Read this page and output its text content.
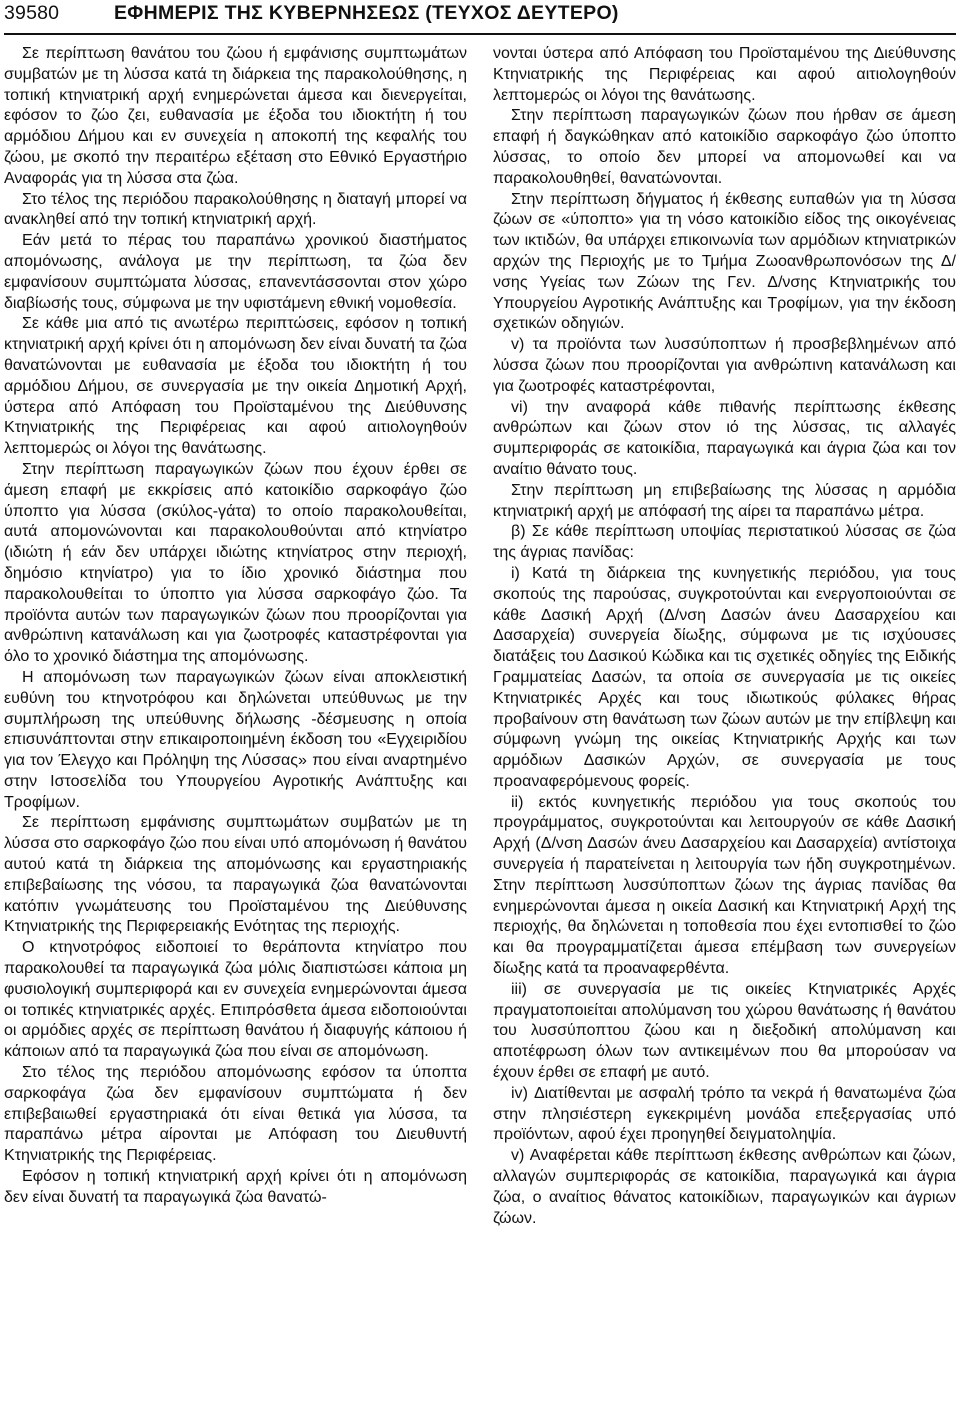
39580	ΕΦΗΜΕΡΙΣ ΤΗΣ ΚΥΒΕΡΝΗΣΕΩΣ (ΤΕΥΧΟΣ ΔΕΥΤΕΡΟ)

Σε περίπτωση θανάτου του ζώου ή εμφάνισης συμπτωμάτων συμβατών με τη λύσσα κατά τη διάρκεια της παρακολούθησης, η τοπική κτηνιατρική αρχή ενημερώνεται άμεσα και διενεργείται, εφόσον το ζώο ζει, ευθανασία με έξοδα του ιδιοκτήτη ή του αρμόδιου Δήμου και εν συνεχεία η αποκοπή της κεφαλής του ζώου, με σκοπό την περαιτέρω εξέταση στο Εθνικό Εργαστήριο Αναφοράς για τη λύσσα στα ζώα.

Στο τέλος της περιόδου παρακολούθησης η διαταγή μπορεί να ανακληθεί από την τοπική κτηνιατρική αρχή.

Εάν μετά το πέρας του παραπάνω χρονικού διαστήματος απομόνωσης, ανάλογα με την περίπτωση, τα ζώα δεν εμφανίσουν συμπτώματα λύσσας, επανεντάσσονται στον χώρο διαβίωσής τους, σύμφωνα με την υφιστάμενη εθνική νομοθεσία.

Σε κάθε μια από τις ανωτέρω περιπτώσεις, εφόσον η τοπική κτηνιατρική αρχή κρίνει ότι η απομόνωση δεν είναι δυνατή τα ζώα θανατώνονται με ευθανασία με έξοδα του ιδιοκτήτη ή του αρμόδιου Δήμου, σε συνεργασία με την οικεία Δημοτική Αρχή, ύστερα από Απόφαση του Προϊσταμένου της Διεύθυνσης Κτηνιατρικής της Περιφέρειας και αφού αιτιολογηθούν λεπτομερώς οι λόγοι της θανάτωσης.

Στην περίπτωση παραγωγικών ζώων που έχουν έρθει σε άμεση επαφή με εκκρίσεις από κατοικίδιο σαρκοφάγο ζώο ύποπτο για λύσσα (σκύλος-γάτα) το οποίο παρακολουθείται, αυτά απομονώνονται και παρακολουθούνται από κτηνίατρο (ιδιώτη ή εάν δεν υπάρχει ιδιώτης κτηνίατρος στην περιοχή, δημόσιο κτηνίατρο) για το ίδιο χρονικό διάστημα που παρακολουθείται το ύποπτο για λύσσα σαρκοφάγο ζώο. Τα προϊόντα αυτών των παραγωγικών ζώων που προορίζονται για ανθρώπινη κατανάλωση και για ζωοτροφές καταστρέφονται για όλο το χρονικό διάστημα της απομόνωσης.

Η απομόνωση των παραγωγικών ζώων είναι αποκλειστική ευθύνη του κτηνοτρόφου και δηλώνεται υπεύθυνως με την συμπλήρωση της υπεύθυνης δήλωσης -δέσμευσης η οποία επισυνάπτονται στην επικαιροποιημένη έκδοση του «Εγχειριδίου για τον Έλεγχο και Πρόληψη της Λύσσας» που είναι αναρτημένο στην Ιστοσελίδα του Υπουργείου Αγροτικής Ανάπτυξης και Τροφίμων.

Σε περίπτωση εμφάνισης συμπτωμάτων συμβατών με τη λύσσα στο σαρκοφάγο ζώο που είναι υπό απομόνωση ή θανάτου αυτού κατά τη διάρκεια της απομόνωσης και εργαστηριακής επιβεβαίωσης της νόσου, τα παραγωγικά ζώα θανατώνονται κατόπιν γνωμάτευσης του Προϊσταμένου της Διεύθυνσης Κτηνιατρικής της Περιφερειακής Ενότητας της περιοχής.

Ο κτηνοτρόφος ειδοποιεί το θεράποντα κτηνίατρο που παρακολουθεί τα παραγωγικά ζώα μόλις διαπιστώσει κάποια μη φυσιολογική συμπεριφορά και εν συνεχεία ενημερώνονται άμεσα οι τοπικές κτηνιατρικές αρχές. Επιπρόσθετα άμεσα ειδοποιούνται οι αρμόδιες αρχές σε περίπτωση θανάτου ή διαφυγής κάποιου ή κάποιων από τα παραγωγικά ζώα που είναι σε απομόνωση.

Στο τέλος της περιόδου απομόνωσης εφόσον τα ύποπτα σαρκοφάγα ζώα δεν εμφανίσουν συμπτώματα ή δεν επιβεβαιωθεί εργαστηριακά ότι είναι θετικά για λύσσα, τα παραπάνω μέτρα αίρονται με Απόφαση του Διευθυντή Κτηνιατρικής της Περιφέρειας.

Εφόσον η τοπική κτηνιατρική αρχή κρίνει ότι η απομόνωση δεν είναι δυνατή τα παραγωγικά ζώα θανατώ-

νονται ύστερα από Απόφαση του Προϊσταμένου της Διεύθυνσης Κτηνιατρικής της Περιφέρειας και αφού αιτιολογηθούν λεπτομερώς οι λόγοι της θανάτωσης.

Στην περίπτωση παραγωγικών ζώων που ήρθαν σε άμεση επαφή ή δαγκώθηκαν από κατοικίδιο σαρκοφάγο ζώο ύποπτο λύσσας, το οποίο δεν μπορεί να απομονωθεί και να παρακολουθηθεί, θανατώνονται.

Στην περίπτωση δήγματος ή έκθεσης ευπαθών για τη λύσσα ζώων σε «ύποπτο» για τη νόσο κατοικίδιο είδος της οικογένειας των ικτιδών, θα υπάρχει επικοινωνία των αρμόδιων κτηνιατρικών αρχών της Περιοχής με το Τμήμα Ζωοανθρωπονόσων της Δ/νσης Υγείας των Ζώων της Γεν. Δ/νσης Κτηνιατρικής του Υπουργείου Αγροτικής Ανάπτυξης και Τροφίμων, για την έκδοση σχετικών οδηγιών.

v) τα προϊόντα των λυσσύποπτων ή προσβεβλημένων από λύσσα ζώων που προορίζονται για ανθρώπινη κατανάλωση και για ζωοτροφές καταστρέφονται,

vi) την αναφορά κάθε πιθανής περίπτωσης έκθεσης ανθρώπων και ζώων στον ιό της λύσσας, τις αλλαγές συμπεριφοράς σε κατοικίδια, παραγωγικά και άγρια ζώα και τον αναίτιο θάνατο τους.

Στην περίπτωση μη επιβεβαίωσης της λύσσας η αρμόδια κτηνιατρική αρχή με απόφασή της αίρει τα παραπάνω μέτρα.

β) Σε κάθε περίπτωση υποψίας περιστατικού λύσσας σε ζώα της άγριας πανίδας:

i) Κατά τη διάρκεια της κυνηγετικής περιόδου, για τους σκοπούς της παρούσας, συγκροτούνται και ενεργοποιούνται σε κάθε Δασική Αρχή (Δ/νση Δασών άνευ Δασαρχείου και Δασαρχεία) συνεργεία δίωξης, σύμφωνα με τις ισχύουσες διατάξεις του Δασικού Κώδικα και τις σχετικές οδηγίες της Ειδικής Γραμματείας Δασών, τα οποία σε συνεργασία με τις οικείες Κτηνιατρικές Αρχές και τους ιδιωτικούς φύλακες θήρας προβαίνουν στη θανάτωση των ζώων αυτών με την επίβλεψη και σύμφωνη γνώμη της οικείας Κτηνιατρικής Αρχής και των αρμόδιων Δασικών Αρχών, σε συνεργασία με τους προαναφερόμενους φορείς.

ii) εκτός κυνηγετικής περιόδου για τους σκοπούς του προγράμματος, συγκροτούνται και λειτουργούν σε κάθε Δασική Αρχή (Δ/νση Δασών άνευ Δασαρχείου και Δασαρχεία) αντίστοιχα συνεργεία ή παρατείνεται η λειτουργία των ήδη συγκροτημένων. Στην περίπτωση λυσσύποπτων ζώων της άγριας πανίδας θα ενημερώνονται άμεσα η οικεία Δασική και Κτηνιατρική Αρχή της περιοχής, θα δηλώνεται η τοποθεσία που έχει εντοπισθεί το ζώο και θα προγραμματίζεται άμεσα επέμβαση των συνεργείων δίωξης κατά τα προαναφερθέντα.

iii) σε συνεργασία με τις οικείες Κτηνιατρικές Αρχές πραγματοποιείται απολύμανση του χώρου θανάτωσης ή θανάτου του λυσσύποπτου ζώου και η διεξοδική απολύμανση και αποτέφρωση όλων των αντικειμένων που θα μπορούσαν να έχουν έρθει σε επαφή με αυτό.

iv) Διατίθενται με ασφαλή τρόπο τα νεκρά ή θανατωμένα ζώα στην πλησιέστερη εγκεκριμένη μονάδα επεξεργασίας υπό προϊόντων, αφού έχει προηγηθεί δειγματοληψία.

v) Αναφέρεται κάθε περίπτωση έκθεσης ανθρώπων και ζώων, αλλαγών συμπεριφοράς σε κατοικίδια, παραγωγικά και άγρια ζώα, ο αναίτιος θάνατος κατοικίδιων, παραγωγικών και άγριων ζώων.
